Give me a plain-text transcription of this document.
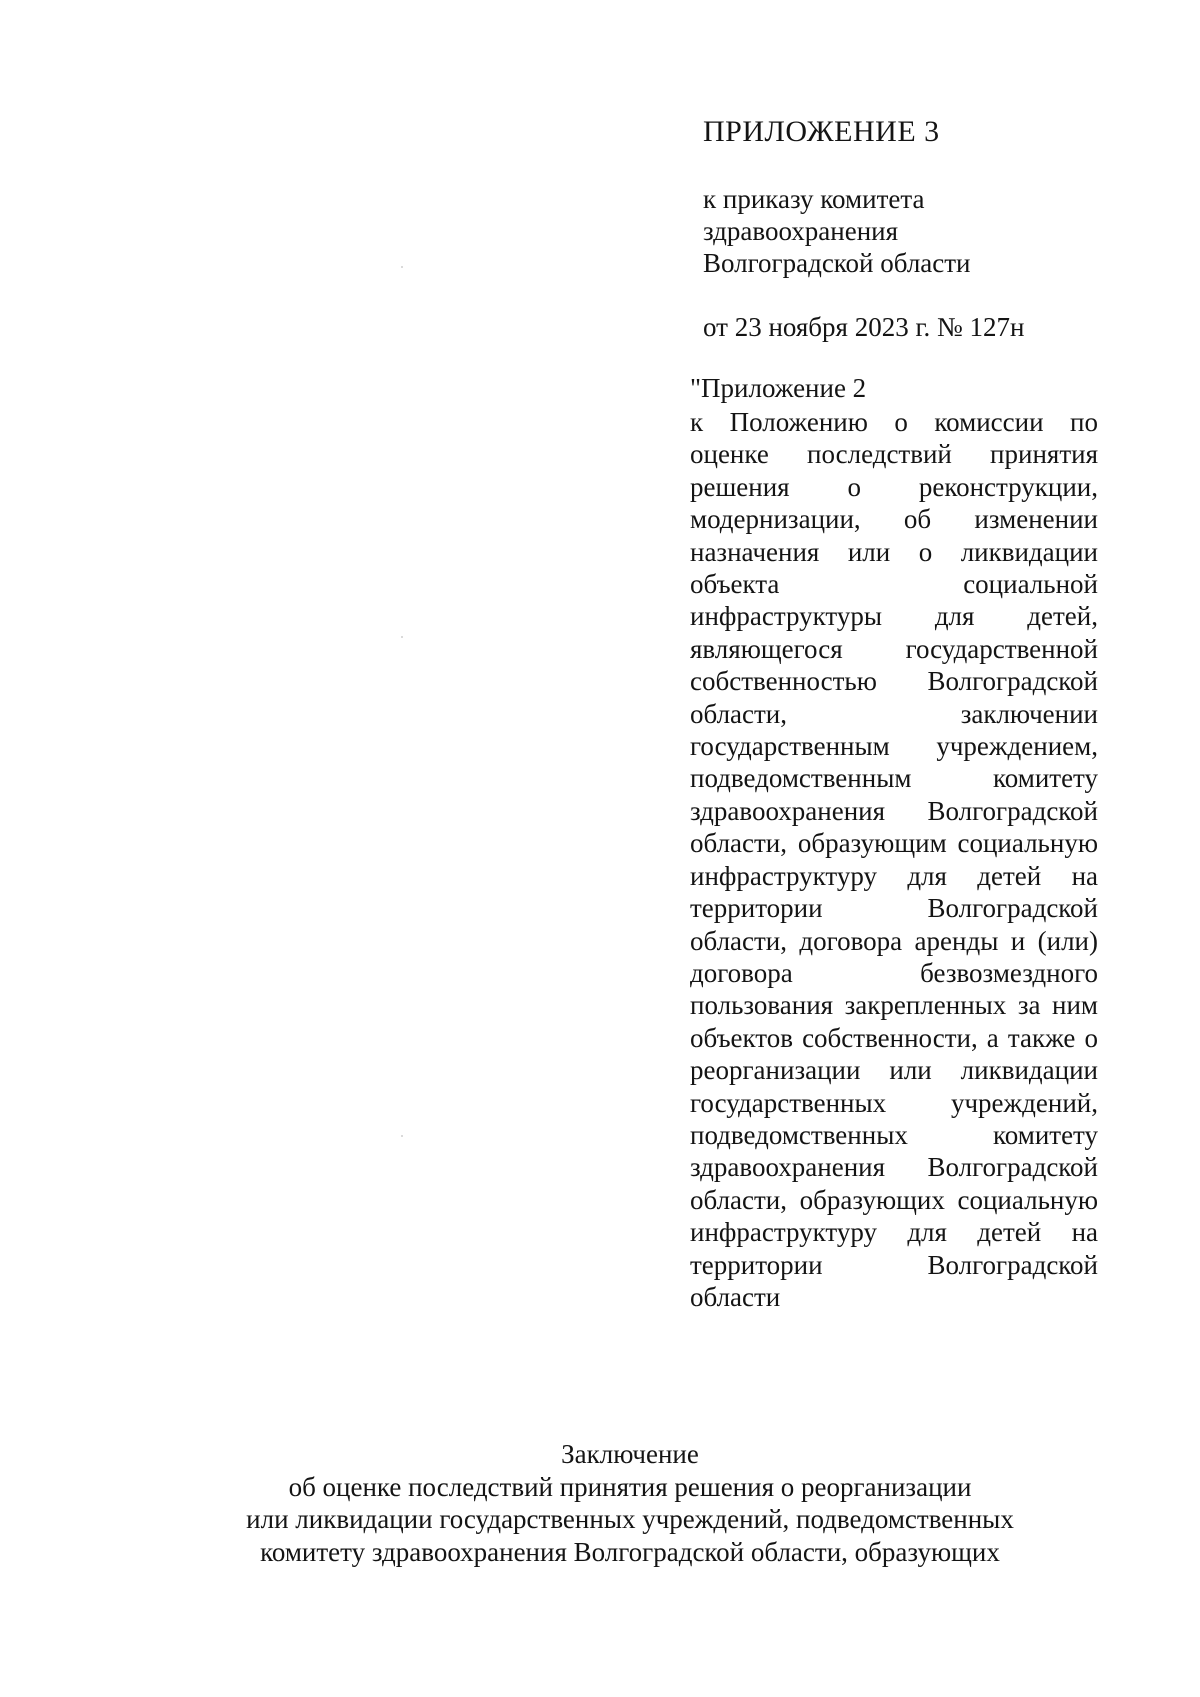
ПРИЛОЖЕНИЕ 3
к приказу комитета
здравоохранения
Волгоградской области
от 23 ноября 2023 г. № 127н
"Приложение 2
к Положению о комиссии по оценке последствий принятия решения о реконструкции, модернизации, об изменении назначения или о ликвидации объекта социальной инфраструктуры для детей, являющегося государственной собственностью Волгоградской области, заключении государственным учреждением, подведомственным комитету здравоохранения Волгоградской области, образующим социальную инфраструктуру для детей на территории Волгоградской области, договора аренды и (или) договора безвозмездного пользования закрепленных за ним объектов собственности, а также о реорганизации или ликвидации государственных учреждений, подведомственных комитету здравоохранения Волгоградской области, образующих социальную инфраструктуру для детей на территории Волгоградской области
Заключение
об оценке последствий принятия решения о реорганизации
или ликвидации государственных учреждений, подведомственных
комитету здравоохранения Волгоградской области, образующих
